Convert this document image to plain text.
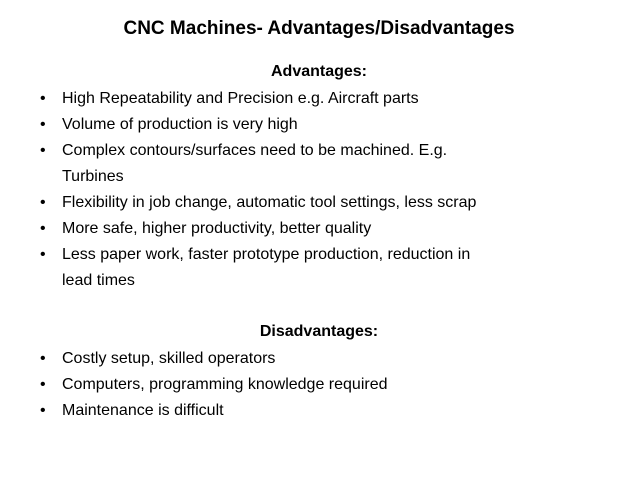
CNC Machines- Advantages/Disadvantages
Advantages:
•	High Repeatability and Precision e.g. Aircraft parts
•	Volume of production is very high
•	Complex contours/surfaces need to be machined. E.g.
Turbines
•	Flexibility in job change, automatic tool settings, less scrap
•	More safe, higher productivity, better quality
•	Less paper work, faster prototype production, reduction in
lead times
Disadvantages:
•	Costly setup, skilled operators
•	Computers, programming knowledge required
•	Maintenance is difficult
